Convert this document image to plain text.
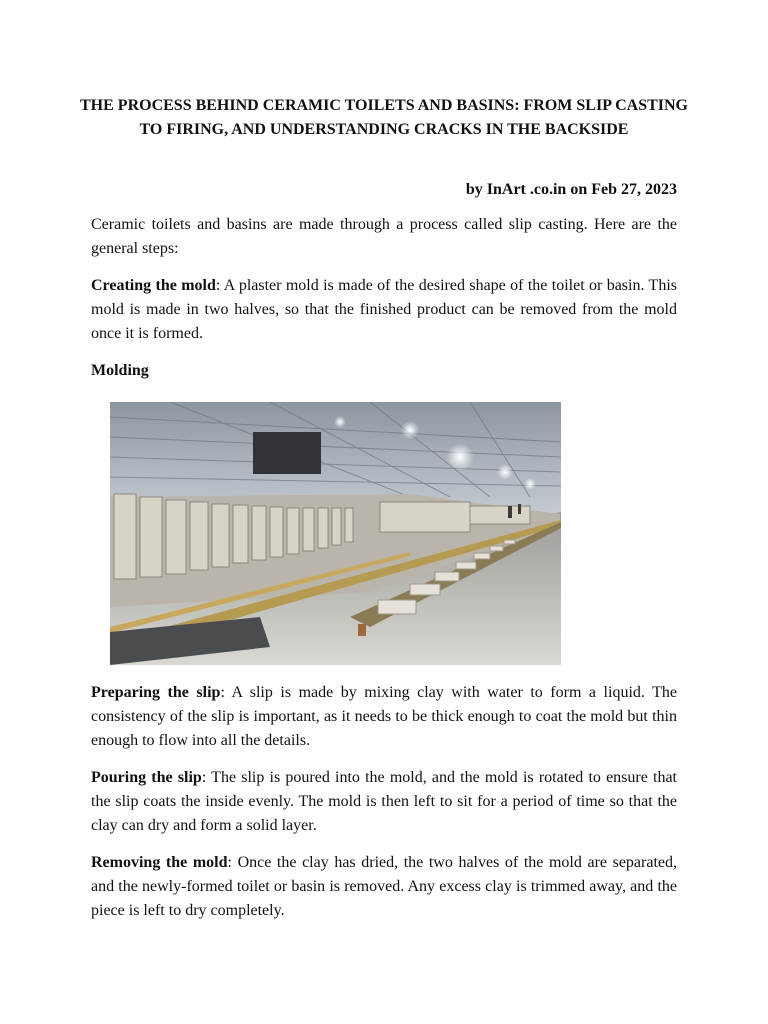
THE PROCESS BEHIND CERAMIC TOILETS AND BASINS: FROM SLIP CASTING TO FIRING, AND UNDERSTANDING CRACKS IN THE BACKSIDE

by InArt .co.in on Feb 27, 2023

Ceramic toilets and basins are made through a process called slip casting. Here are the general steps:

Creating the mold: A plaster mold is made of the desired shape of the toilet or basin. This mold is made in two halves, so that the finished product can be removed from the mold once it is formed.

Molding

Preparing the slip: A slip is made by mixing clay with water to form a liquid. The consistency of the slip is important, as it needs to be thick enough to coat the mold but thin enough to flow into all the details.

Pouring the slip: The slip is poured into the mold, and the mold is rotated to ensure that the slip coats the inside evenly. The mold is then left to sit for a period of time so that the clay can dry and form a solid layer.

Removing the mold: Once the clay has dried, the two halves of the mold are separated, and the newly-formed toilet or basin is removed. Any excess clay is trimmed away, and the piece is left to dry completely.
